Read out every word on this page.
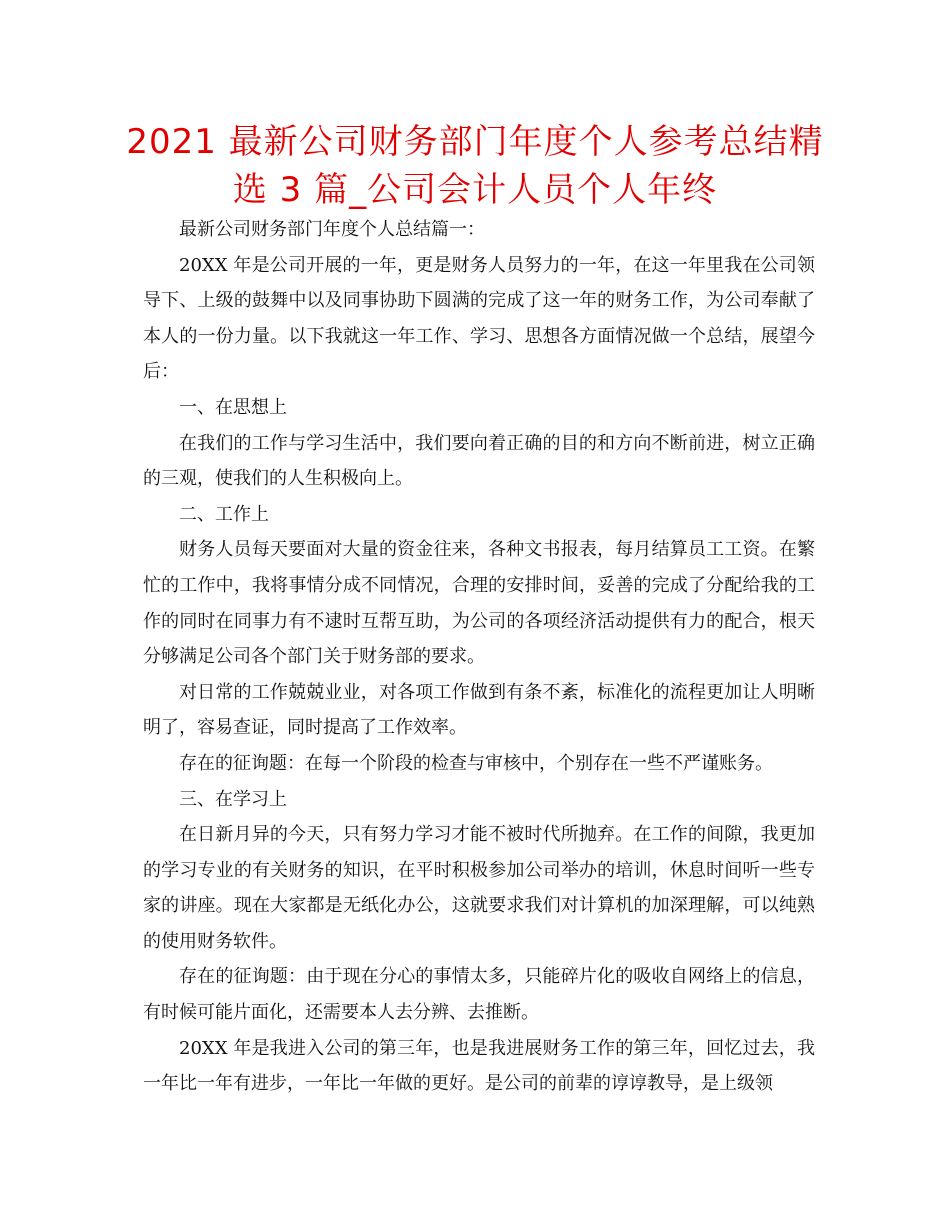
2021 最新公司财务部门年度个人参考总结精选 3 篇_公司会计人员个人年终

最新公司财务部门年度个人总结篇一：

20XX 年是公司开展的一年，更是财务人员努力的一年，在这一年里我在公司领导下、上级的鼓舞中以及同事协助下圆满的完成了这一年的财务工作，为公司奉献了本人的一份力量。以下我就这一年工作、学习、思想各方面情况做一个总结，展望今后：

一、在思想上

在我们的工作与学习生活中，我们要向着正确的目的和方向不断前进，树立正确的三观，使我们的人生积极向上。

二、工作上

财务人员每天要面对大量的资金往来，各种文书报表，每月结算员工工资。在繁忙的工作中，我将事情分成不同情况，合理的安排时间，妥善的完成了分配给我的工作的同时在同事力有不逮时互帮互助，为公司的各项经济活动提供有力的配合，根天分够满足公司各个部门关于财务部的要求。

对日常的工作兢兢业业，对各项工作做到有条不紊，标准化的流程更加让人明晰明了，容易查证，同时提高了工作效率。

存在的征询题：在每一个阶段的检查与审核中，个别存在一些不严谨账务。

三、在学习上

在日新月异的今天，只有努力学习才能不被时代所抛弃。在工作的间隙，我更加的学习专业的有关财务的知识，在平时积极参加公司举办的培训，休息时间听一些专家的讲座。现在大家都是无纸化办公，这就要求我们对计算机的加深理解，可以纯熟的使用财务软件。

存在的征询题：由于现在分心的事情太多，只能碎片化的吸收自网络上的信息，有时候可能片面化，还需要本人去分辨、去推断。

20XX 年是我进入公司的第三年，也是我进展财务工作的第三年，回忆过去，我一年比一年有进步，一年比一年做的更好。是公司的前辈的谆谆教导，是上级领
